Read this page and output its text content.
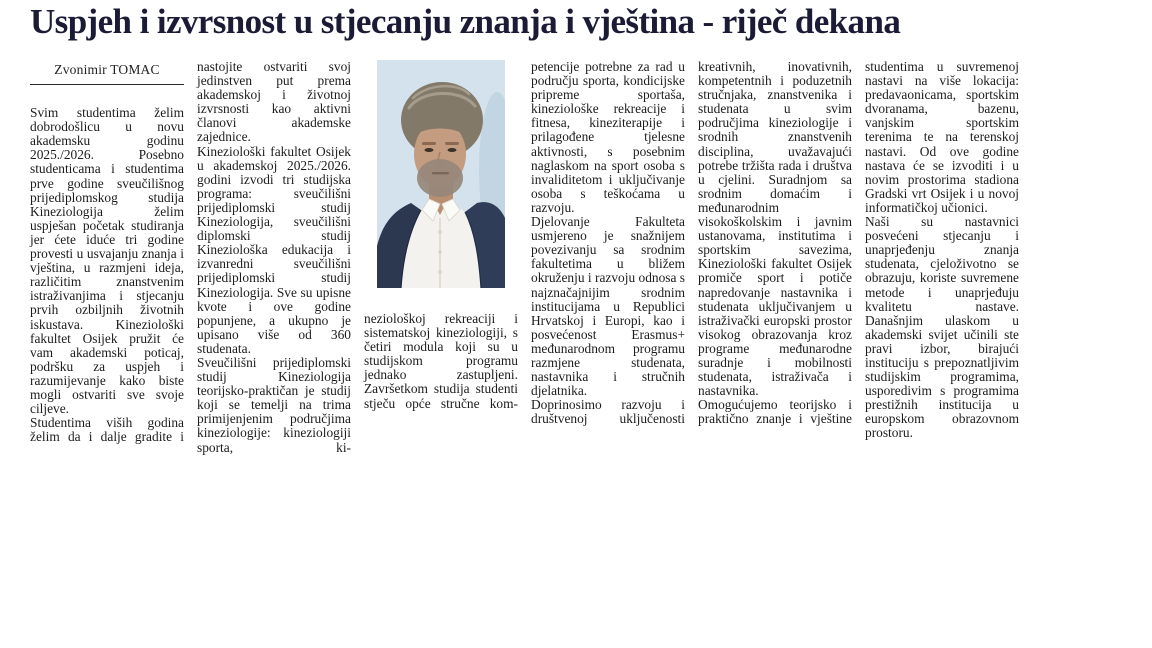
Uspjeh i izvrsnost u stjecanju znanja i vještina - riječ dekana
Zvonimir TOMAC

Svim studentima želim dobrodošlicu u novu akademsku godinu 2025./2026. Posebno studenticama i studentima prve godine sveučilišnog prijediplomskog studija Kineziologija želim uspješan početak studiranja jer ćete iduće tri godine provesti u usvajanju znanja i vještina, u razmjeni ideja, različitim znanstvenim istraživanjima i stjecanju prvih ozbiljnih životnih iskustava. Kineziološki fakultet Osijek pružit će vam akademski poticaj, podršku za uspjeh i razumijevanje kako biste mogli ostvariti sve svoje ciljeve.

Studentima viših godina želim da i dalje gradite i

nastojite ostvariti svoj jedinstven put prema akademskoj i životnoj izvrsnosti kao aktivni članovi akademske zajednice.

Kineziološki fakultet Osijek u akademskoj 2025./2026. godini izvodi tri studijska programa: sveučilišni prijediplomski studij Kineziologija, sveučilišni diplomski studij Kineziološka edukacija i izvanredni sveučilišni prijediplomski studij Kineziologija. Sve su upisne kvote i ove godine popunjene, a ukupno je upisano više od 360 studenata.

Sveučilišni prijediplomski studij Kineziologija teorijsko-praktičan je studij koji se temelji na trima primijenjenim područjima kineziologije: kineziologiji sporta, ki-

neziološkoj rekreaciji i sistematskoj kineziologiji, s četiri modula koji su u studijskom programu jednako zastupljeni. Završetkom studija studenti stječu opće stručne kom-

petencije potrebne za rad u području sporta, kondicijske pripreme sportaša, kineziološke rekreacije i fitnesa, kineziterapije i prilagođene tjelesne aktivnosti, s posebnim naglaskom na sport osoba s invaliditetom i uključivanje osoba s teškoćama u razvoju.

Djelovanje Fakulteta usmjereno je snažnijem povezivanju sa srodnim fakultetima u bližem okruženju i razvoju odnosa s najznačajnijim srodnim institucijama u Republici Hrvatskoj i Europi, kao i posvećenost Erasmus+ međunarodnom programu razmjene studenata, nastavnika i stručnih djelatnika.

Doprinosimo razvoju i društvenoj uključenosti

kreativnih, inovativnih, kompetentnih i poduzetnih stručnjaka, znanstvenika i studenata u svim područjima kineziologije i srodnih znanstvenih disciplina, uvažavajući potrebe tržišta rada i društva u cjelini. Suradnjom sa srodnim domaćim i međunarodnim visokoškolskim i javnim ustanovama, institutima i sportskim savezima, Kineziološki fakultet Osijek promiče sport i potiče napredovanje nastavnika i studenata uključivanjem u istraživački europski prostor visokog obrazovanja kroz programe međunarodne suradnje i mobilnosti studenata, istraživača i nastavnika.

Omogućujemo teorijsko i praktično znanje i vještine

studentima u suvremenoj nastavi na više lokacija: predavaonicama, sportskim dvoranama, bazenu, vanjskim sportskim terenima te na terenskoj nastavi. Od ove godine nastava će se izvoditi i u novim prostorima stadiona Gradski vrt Osijek i u novoj informatičkoj učionici.

Naši su nastavnici posvećeni stjecanju i unaprjeđenju znanja studenata, cjeloživotno se obrazuju, koriste suvremene metode i unaprjeđuju kvalitetu nastave. Današnjim ulaskom u akademski svijet učinili ste pravi izbor, birajući instituciju s prepoznatljivim studijskim programima, usporedivim s programima prestižnih institucija u europskom obrazovnom prostoru.
